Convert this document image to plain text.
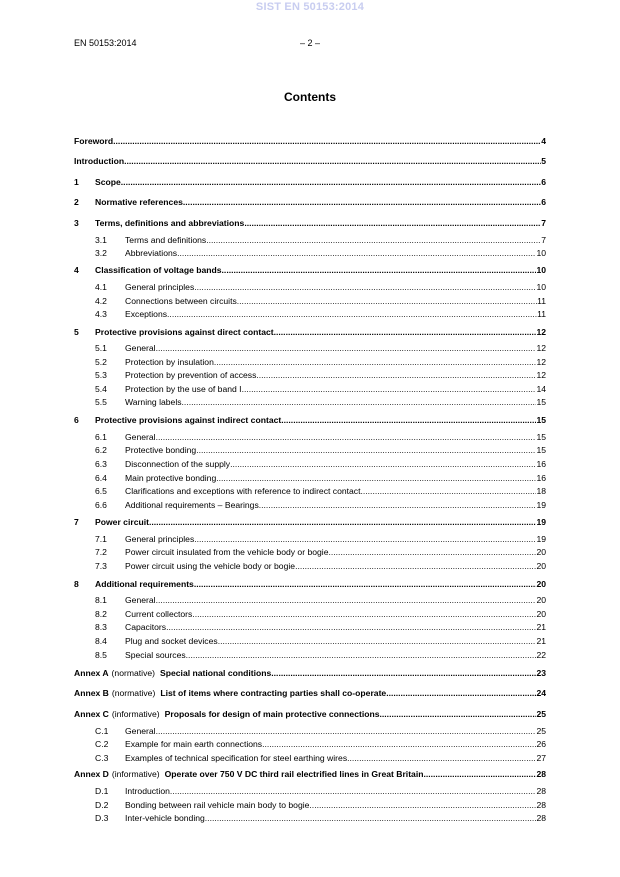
SIST EN 50153:2014
EN 50153:2014	– 2 –
Contents
Foreword .....	4
Introduction .....	5
1	Scope .....	6
2	Normative references .....	6
3	Terms, definitions and abbreviations .....	7
3.1	Terms and definitions .....	7
3.2	Abbreviations .....	10
4	Classification of voltage bands .....	10
4.1	General principles .....	10
4.2	Connections between circuits .....	11
4.3	Exceptions .....	11
5	Protective provisions against direct contact .....	12
5.1	General .....	12
5.2	Protection by insulation .....	12
5.3	Protection by prevention of access .....	12
5.4	Protection by the use of band I .....	14
5.5	Warning labels .....	15
6	Protective provisions against indirect contact .....	15
6.1	General .....	15
6.2	Protective bonding .....	15
6.3	Disconnection of the supply .....	16
6.4	Main protective bonding .....	16
6.5	Clarifications and exceptions with reference to indirect contact .....	18
6.6	Additional requirements – Bearings .....	19
7	Power circuit .....	19
7.1	General principles .....	19
7.2	Power circuit insulated from the vehicle body or bogie .....	20
7.3	Power circuit using the vehicle body or bogie .....	20
8	Additional requirements .....	20
8.1	General .....	20
8.2	Current collectors .....	20
8.3	Capacitors .....	21
8.4	Plug and socket devices .....	21
8.5	Special sources .....	22
Annex A (normative) Special national conditions .....	23
Annex B (normative) List of items where contracting parties shall co-operate .....	24
Annex C (informative) Proposals for design of main protective connections .....	25
C.1	General .....	25
C.2	Example for main earth connections .....	26
C.3	Examples of technical specification for steel earthing wires .....	27
Annex D (informative) Operate over 750 V DC third rail electrified lines in Great Britain .....	28
D.1	Introduction .....	28
D.2	Bonding between rail vehicle main body to bogie .....	28
D.3	Inter-vehicle bonding .....	28
